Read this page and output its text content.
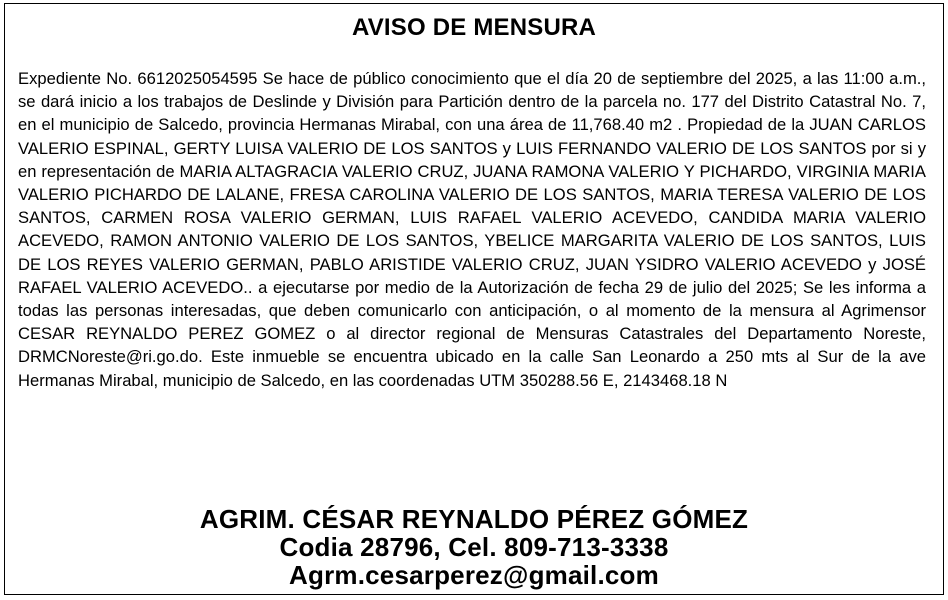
AVISO DE MENSURA

Expediente No. 6612025054595 Se hace de público conocimiento que el día 20 de septiembre del 2025, a las 11:00 a.m., se dará inicio a los trabajos de Deslinde y División para Partición dentro de la parcela no. 177 del Distrito Catastral No. 7, en el municipio de Salcedo, provincia Hermanas Mirabal, con una área de 11,768.40 m2 . Propiedad de la JUAN CARLOS VALERIO ESPINAL, GERTY LUISA VALERIO DE LOS SANTOS y LUIS FERNANDO VALERIO DE LOS SANTOS por si y en representación de MARIA ALTAGRACIA VALERIO CRUZ, JUANA RAMONA VALERIO Y PICHARDO, VIRGINIA MARIA VALERIO PICHARDO DE LALANE, FRESA CAROLINA VALERIO DE LOS SANTOS, MARIA TERESA VALERIO DE LOS SANTOS, CARMEN ROSA VALERIO GERMAN, LUIS RAFAEL VALERIO ACEVEDO, CANDIDA MARIA VALERIO ACEVEDO, RAMON ANTONIO VALERIO DE LOS SANTOS, YBELICE MARGARITA VALERIO DE LOS SANTOS, LUIS DE LOS REYES VALERIO GERMAN, PABLO ARISTIDE VALERIO CRUZ, JUAN YSIDRO VALERIO ACEVEDO y JOSÉ RAFAEL VALERIO ACEVEDO.. a ejecutarse por medio de la Autorización de fecha 29 de julio del 2025; Se les informa a todas las personas interesadas, que deben comunicarlo con anticipación, o al momento de la mensura al Agrimensor CESAR REYNALDO PEREZ GOMEZ o al director regional de Mensuras Catastrales del Departamento Noreste, DRMCNoreste@ri.go.do. Este inmueble se encuentra ubicado en la calle San Leonardo a 250 mts al Sur de la ave Hermanas Mirabal, municipio de Salcedo, en las coordenadas UTM 350288.56 E, 2143468.18 N

AGRIM. CÉSAR REYNALDO PÉREZ GÓMEZ
Codia 28796, Cel. 809-713-3338
Agrm.cesarperez@gmail.com
